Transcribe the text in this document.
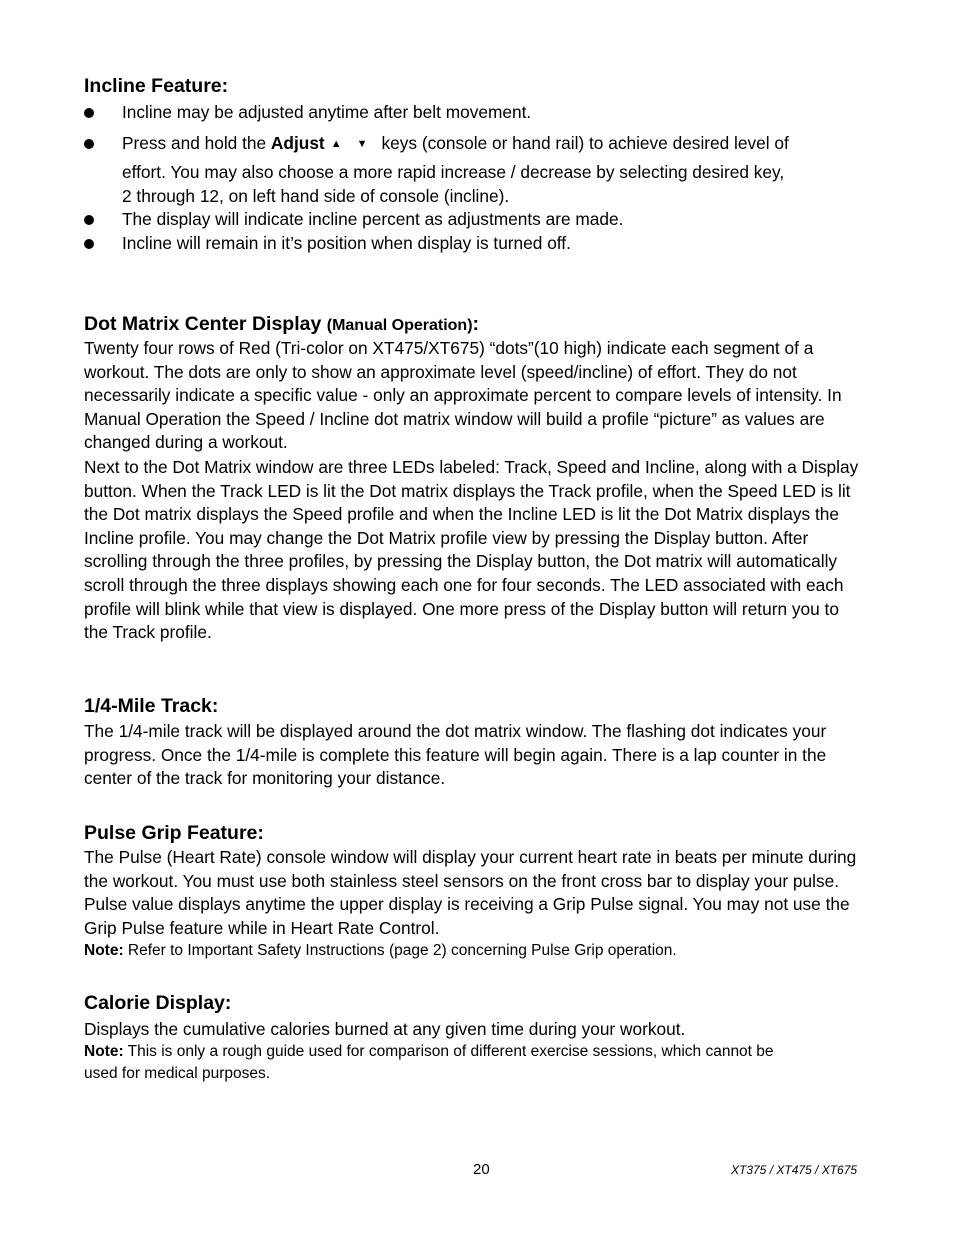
Incline Feature:
Incline may be adjusted anytime after belt movement.
Press and hold the Adjust ▲ ▼ keys (console or hand rail) to achieve desired level of
effort. You may also choose a more rapid increase / decrease by selecting desired key,
2 through 12, on left hand side of console (incline).
The display will indicate incline percent as adjustments are made.
Incline will remain in it’s position when display is turned off.
Dot Matrix Center Display (Manual Operation):

Twenty four rows of Red (Tri-color on XT475/XT675) “dots”(10 high) indicate each segment of a workout. The dots are only to show an approximate level (speed/incline) of effort. They do not necessarily indicate a specific value - only an approximate percent to compare levels of intensity. In Manual Operation the Speed / Incline dot matrix window will build a profile “picture” as values are changed during a workout.

Next to the Dot Matrix window are three LEDs labeled: Track, Speed and Incline, along with a Display button. When the Track LED is lit the Dot matrix displays the Track profile, when the Speed LED is lit the Dot matrix displays the Speed profile and when the Incline LED is lit the Dot Matrix displays the Incline profile. You may change the Dot Matrix profile view by pressing the Display button. After scrolling through the three profiles, by pressing the Display button, the Dot matrix will automatically scroll through the three displays showing each one for four seconds. The LED associated with each profile will blink while that view is displayed. One more press of the Display button will return you to the Track profile.

1/4-Mile Track:

The 1/4-mile track will be displayed around the dot matrix window. The flashing dot indicates your progress. Once the 1/4-mile is complete this feature will begin again. There is a lap counter in the center of the track for monitoring your distance.

Pulse Grip Feature:

The Pulse (Heart Rate) console window will display your current heart rate in beats per minute during the workout. You must use both stainless steel sensors on the front cross bar to display your pulse. Pulse value displays anytime the upper display is receiving a Grip Pulse signal. You may not use the Grip Pulse feature while in Heart Rate Control.

Note: Refer to Important Safety Instructions (page 2) concerning Pulse Grip operation.

Calorie Display:

Displays the cumulative calories burned at any given time during your workout.

Note: This is only a rough guide used for comparison of different exercise sessions, which cannot be used for medical purposes.

20	XT375 / XT475 / XT675
